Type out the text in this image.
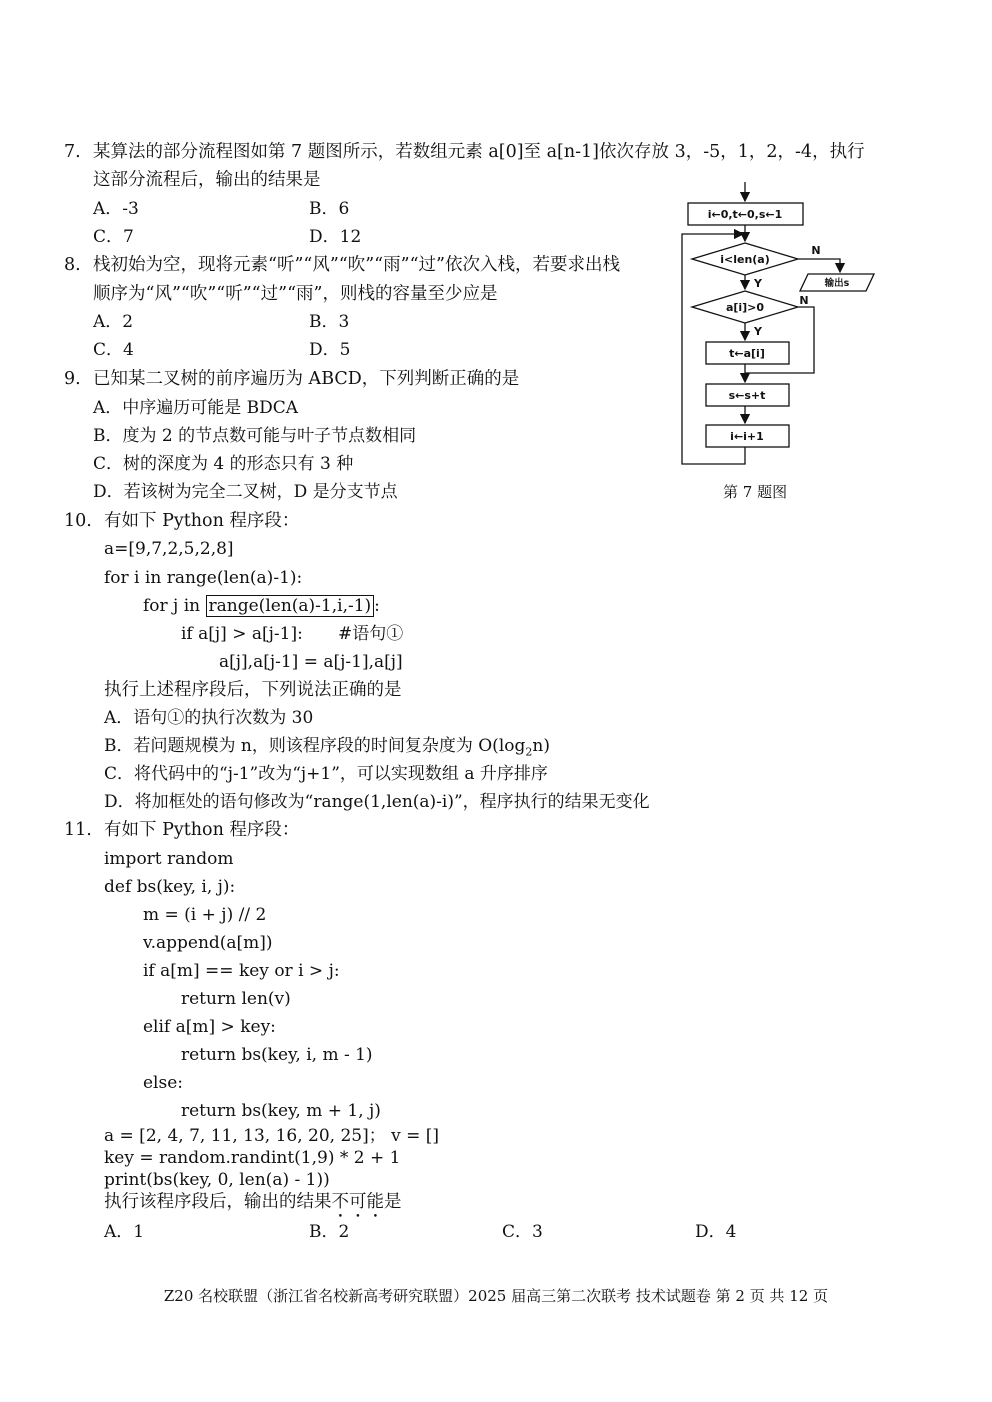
7. 某算法的部分流程图如第 7 题图所示，若数组元素 a[0]至 a[n-1]依次存放 3，-5，1，2，-4，执行
这部分流程后，输出的结果是
A．-3	B．6
C．7	D．12
8. 栈初始为空，现将元素“听”“风”“吹”“雨”“过”依次入栈，若要求出栈
顺序为“风”“吹”“听”“过”“雨”，则栈的容量至少应是
A．2	B．3
C．4	D．5
9. 已知某二叉树的前序遍历为 ABCD，下列判断正确的是
A．中序遍历可能是 BDCA
B．度为 2 的节点数可能与叶子节点数相同
C．树的深度为 4 的形态只有 3 种
D．若该树为完全二叉树，D 是分支节点
i←0,t←0,s←1
i<len(a)
输出s
a[i]>0
t←a[i]
s←s+t
i←i+1
N
Y
N
Y
第 7 题图
10. 有如下 Python 程序段：
a=[9,7,2,5,2,8]
for i in range(len(a)-1):
for j in range(len(a)-1,i,-1) :
if a[j] > a[j-1]: #语句①
a[j],a[j-1] = a[j-1],a[j]
执行上述程序段后，下列说法正确的是
A．语句①的执行次数为 30
B．若问题规模为 n，则该程序段的时间复杂度为 $O(\log_2n)$
C．将代码中的“j-1”改为“j+1”，可以实现数组 a 升序排序
D．将加框处的语句修改为“range(1,len(a)-i)”，程序执行的结果无变化
11. 有如下 Python 程序段：
import random
def bs(key, i, j):
m = (i + j) // 2
v.append(a[m])
if a[m] == key or i > j:
return len(v)
elif a[m] > key:
return bs(key, i, m - 1)
else:
return bs(key, m + 1, j)
a = [2, 4, 7, 11, 13, 16, 20, 25]； v = []
key = random.randint(1,9) * 2 + 1
print(bs(key, 0, len(a) - 1))
执行该程序段后，输出的结果不可能是
A．1	B．2	C．3	D．4
Z20 名校联盟（浙江省名校新高考研究联盟）2025 届高三第二次联考 技术试题卷 第 2 页 共 12 页
